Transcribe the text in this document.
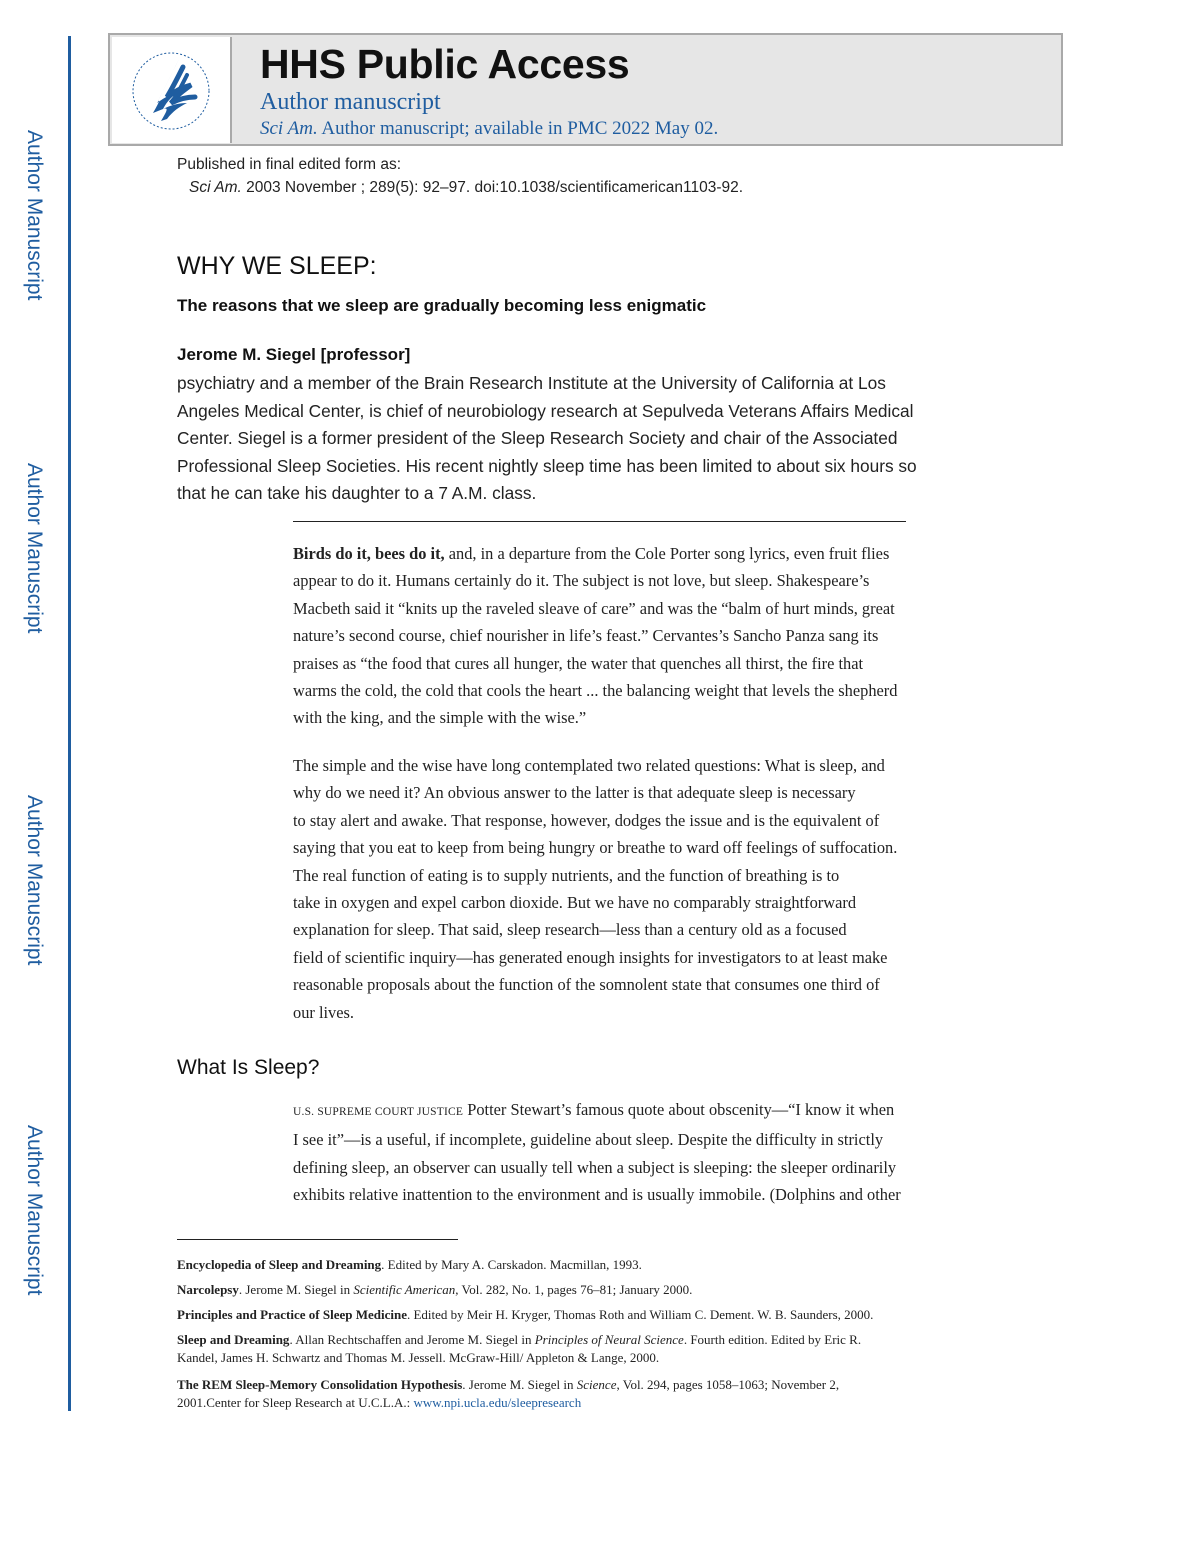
Author Manuscript
Author Manuscript
Author Manuscript
Author Manuscript
HHS Public Access
Author manuscript
Sci Am. Author manuscript; available in PMC 2022 May 02.
Published in final edited form as:
Sci Am. 2003 November ; 289(5): 92–97. doi:10.1038/scientificamerican1103-92.
WHY WE SLEEP:
The reasons that we sleep are gradually becoming less enigmatic
Jerome M. Siegel [professor]
psychiatry and a member of the Brain Research Institute at the University of California at Los
Angeles Medical Center, is chief of neurobiology research at Sepulveda Veterans Affairs Medical
Center. Siegel is a former president of the Sleep Research Society and chair of the Associated
Professional Sleep Societies. His recent nightly sleep time has been limited to about six hours so
that he can take his daughter to a 7 A.M. class.
Birds do it, bees do it, and, in a departure from the Cole Porter song lyrics, even fruit flies
appear to do it. Humans certainly do it. The subject is not love, but sleep. Shakespeare’s
Macbeth said it “knits up the raveled sleave of care” and was the “balm of hurt minds, great
nature’s second course, chief nourisher in life’s feast.” Cervantes’s Sancho Panza sang its
praises as “the food that cures all hunger, the water that quenches all thirst, the fire that
warms the cold, the cold that cools the heart ... the balancing weight that levels the shepherd
with the king, and the simple with the wise.”
The simple and the wise have long contemplated two related questions: What is sleep, and
why do we need it? An obvious answer to the latter is that adequate sleep is necessary
to stay alert and awake. That response, however, dodges the issue and is the equivalent of
saying that you eat to keep from being hungry or breathe to ward off feelings of suffocation.
The real function of eating is to supply nutrients, and the function of breathing is to
take in oxygen and expel carbon dioxide. But we have no comparably straightforward
explanation for sleep. That said, sleep research—less than a century old as a focused
field of scientific inquiry—has generated enough insights for investigators to at least make
reasonable proposals about the function of the somnolent state that consumes one third of
our lives.
What Is Sleep?
U.S. SUPREME COURT JUSTICE Potter Stewart’s famous quote about obscenity—“I know it when
I see it”—is a useful, if incomplete, guideline about sleep. Despite the difficulty in strictly
defining sleep, an observer can usually tell when a subject is sleeping: the sleeper ordinarily
exhibits relative inattention to the environment and is usually immobile. (Dolphins and other
Encyclopedia of Sleep and Dreaming. Edited by Mary A. Carskadon. Macmillan, 1993.
Narcolepsy. Jerome M. Siegel in Scientific American, Vol. 282, No. 1, pages 76–81; January 2000.
Principles and Practice of Sleep Medicine. Edited by Meir H. Kryger, Thomas Roth and William C. Dement. W. B. Saunders, 2000.
Sleep and Dreaming. Allan Rechtschaffen and Jerome M. Siegel in Principles of Neural Science. Fourth edition. Edited by Eric R.
Kandel, James H. Schwartz and Thomas M. Jessell. McGraw-Hill/ Appleton & Lange, 2000.
The REM Sleep-Memory Consolidation Hypothesis. Jerome M. Siegel in Science, Vol. 294, pages 1058–1063; November 2,
2001.Center for Sleep Research at U.C.L.A.: www.npi.ucla.edu/sleepresearch
